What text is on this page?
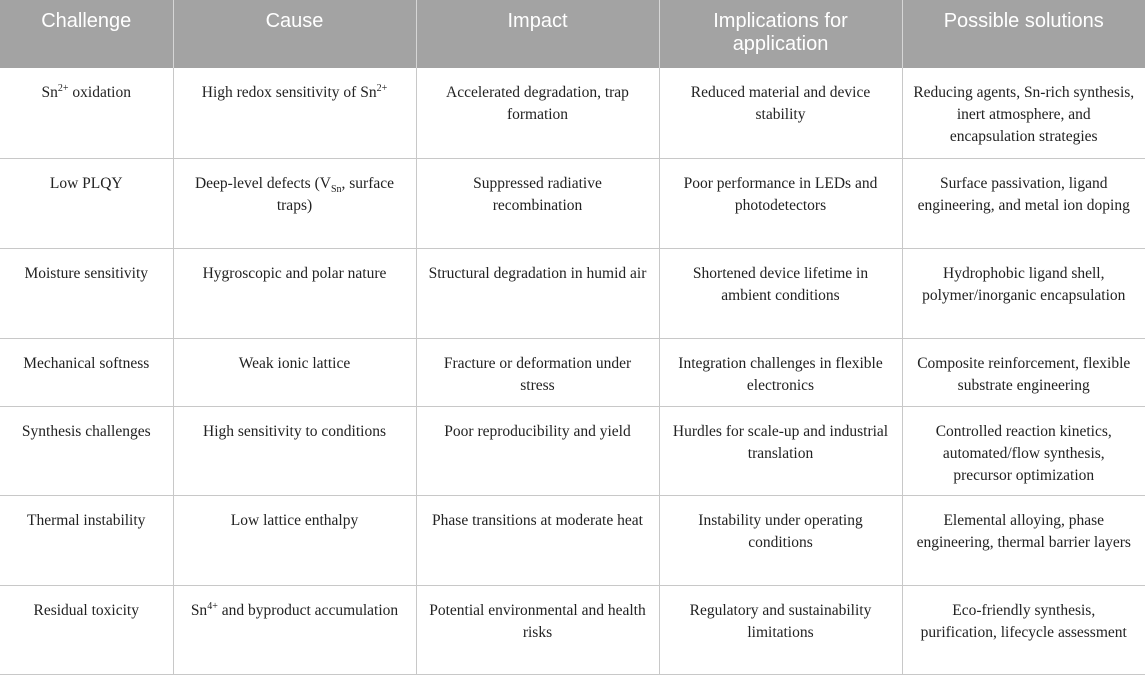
Challenge	Cause	Impact	Implications for application	Possible solutions
$Sn^{2+}$ oxidation	High redox sensitivity of $Sn^{2+}$	Accelerated degradation, trap formation	Reduced material and device stability	Reducing agents, Sn-rich synthesis, inert atmosphere, and encapsulation strategies
Low PLQY	Deep-level defects ($V_{Sn}$, surface traps)	Suppressed radiative recombination	Poor performance in LEDs and photodetectors	Surface passivation, ligand engineering, and metal ion doping
Moisture sensitivity	Hygroscopic and polar nature	Structural degradation in humid air	Shortened device lifetime in ambient conditions	Hydrophobic ligand shell, polymer/inorganic encapsulation
Mechanical softness	Weak ionic lattice	Fracture or deformation under stress	Integration challenges in flexible electronics	Composite reinforcement, flexible substrate engineering
Synthesis challenges	High sensitivity to conditions	Poor reproducibility and yield	Hurdles for scale-up and industrial translation	Controlled reaction kinetics, automated/flow synthesis, precursor optimization
Thermal instability	Low lattice enthalpy	Phase transitions at moderate heat	Instability under operating conditions	Elemental alloying, phase engineering, thermal barrier layers
Residual toxicity	$Sn^{4+}$ and byproduct accumulation	Potential environmental and health risks	Regulatory and sustainability limitations	Eco-friendly synthesis, purification, lifecycle assessment
